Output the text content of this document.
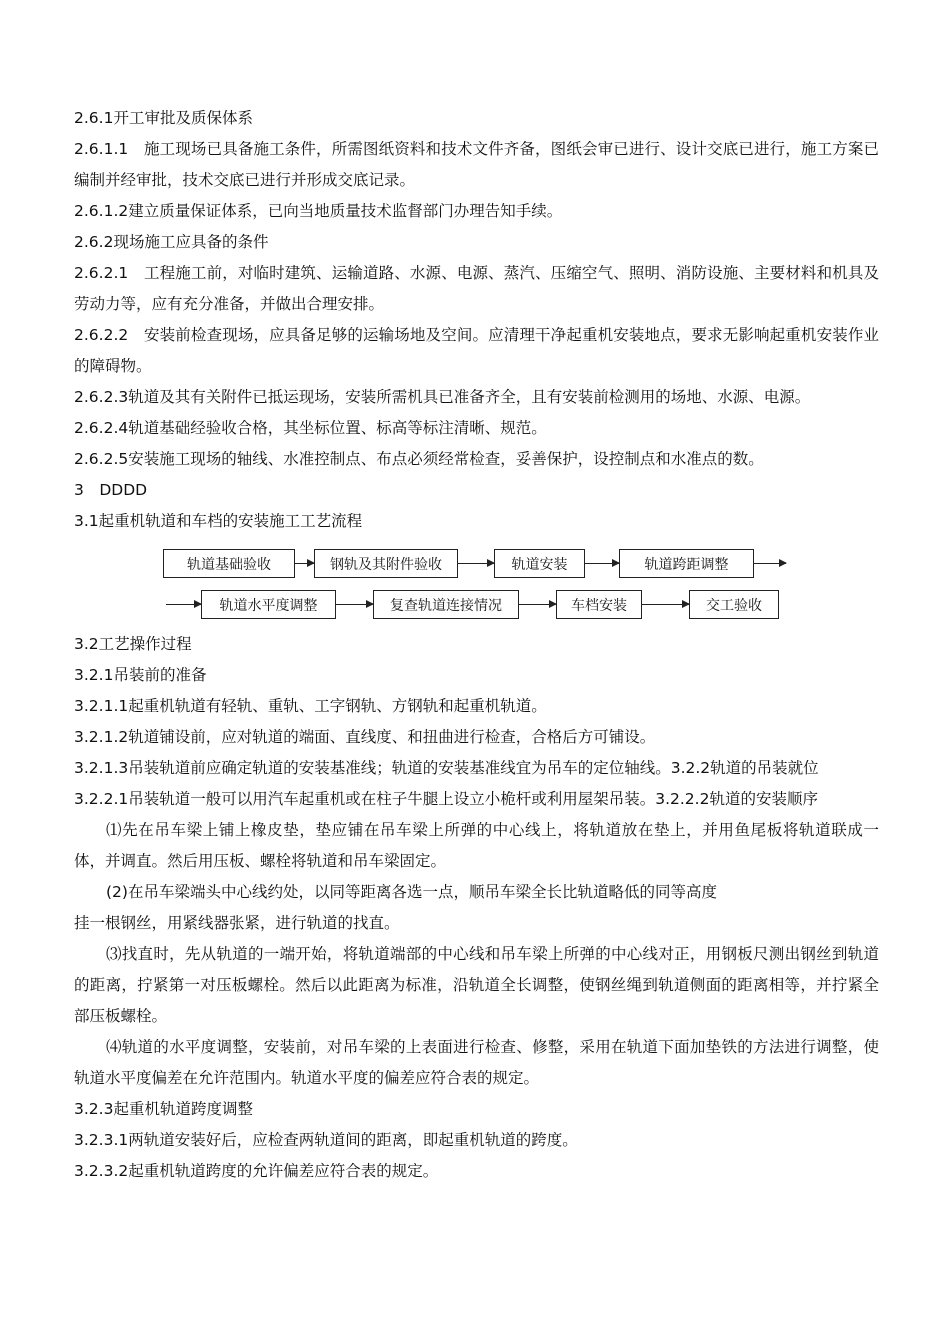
2.6.1开工审批及质保体系

2.6.1.1　施工现场已具备施工条件，所需图纸资料和技术文件齐备，图纸会审已进行、设计交底已进行，施工方案已编制并经审批，技术交底已进行并形成交底记录。

2.6.1.2建立质量保证体系，已向当地质量技术监督部门办理告知手续。

2.6.2现场施工应具备的条件

2.6.2.1　工程施工前，对临时建筑、运输道路、水源、电源、蒸汽、压缩空气、照明、消防设施、主要材料和机具及劳动力等，应有充分准备，并做出合理安排。

2.6.2.2　安装前检查现场，应具备足够的运输场地及空间。应清理干净起重机安装地点，要求无影响起重机安装作业的障碍物。

2.6.2.3轨道及其有关附件已抵运现场，安装所需机具已准备齐全，且有安装前检测用的场地、水源、电源。

2.6.2.4轨道基础经验收合格，其坐标位置、标高等标注清晰、规范。

2.6.2.5安装施工现场的轴线、水准控制点、布点必须经常检查，妥善保护，设控制点和水准点的数。

3　DDDD

3.1起重机轨道和车档的安装施工工艺流程

轨道基础验收	钢轨及其附件验收	轨道安装	轨道跨距调整
轨道水平度调整	复查轨道连接情况	车档安装	交工验收

3.2工艺操作过程

3.2.1吊装前的准备

3.2.1.1起重机轨道有轻轨、重轨、工字钢轨、方钢轨和起重机轨道。

3.2.1.2轨道铺设前，应对轨道的端面、直线度、和扭曲进行检查，合格后方可铺设。

3.2.1.3吊装轨道前应确定轨道的安装基准线；轨道的安装基准线宜为吊车的定位轴线。3.2.2轨道的吊装就位

3.2.2.1吊装轨道一般可以用汽车起重机或在柱子牛腿上设立小桅杆或利用屋架吊装。3.2.2.2轨道的安装顺序

⑴先在吊车梁上铺上橡皮垫，垫应铺在吊车梁上所弹的中心线上，将轨道放在垫上，并用鱼尾板将轨道联成一体，并调直。然后用压板、螺栓将轨道和吊车梁固定。

(2)在吊车梁端头中心线约处，以同等距离各选一点，顺吊车梁全长比轨道略低的同等高度

挂一根钢丝，用紧线器张紧，进行轨道的找直。

⑶找直时，先从轨道的一端开始，将轨道端部的中心线和吊车梁上所弹的中心线对正，用钢板尺测出钢丝到轨道的距离，拧紧第一对压板螺栓。然后以此距离为标准，沿轨道全长调整，使钢丝绳到轨道侧面的距离相等，并拧紧全部压板螺栓。

⑷轨道的水平度调整，安装前，对吊车梁的上表面进行检查、修整，采用在轨道下面加垫铁的方法进行调整，使轨道水平度偏差在允许范围内。轨道水平度的偏差应符合表的规定。

3.2.3起重机轨道跨度调整

3.2.3.1两轨道安装好后，应检查两轨道间的距离，即起重机轨道的跨度。

3.2.3.2起重机轨道跨度的允许偏差应符合表的规定。
